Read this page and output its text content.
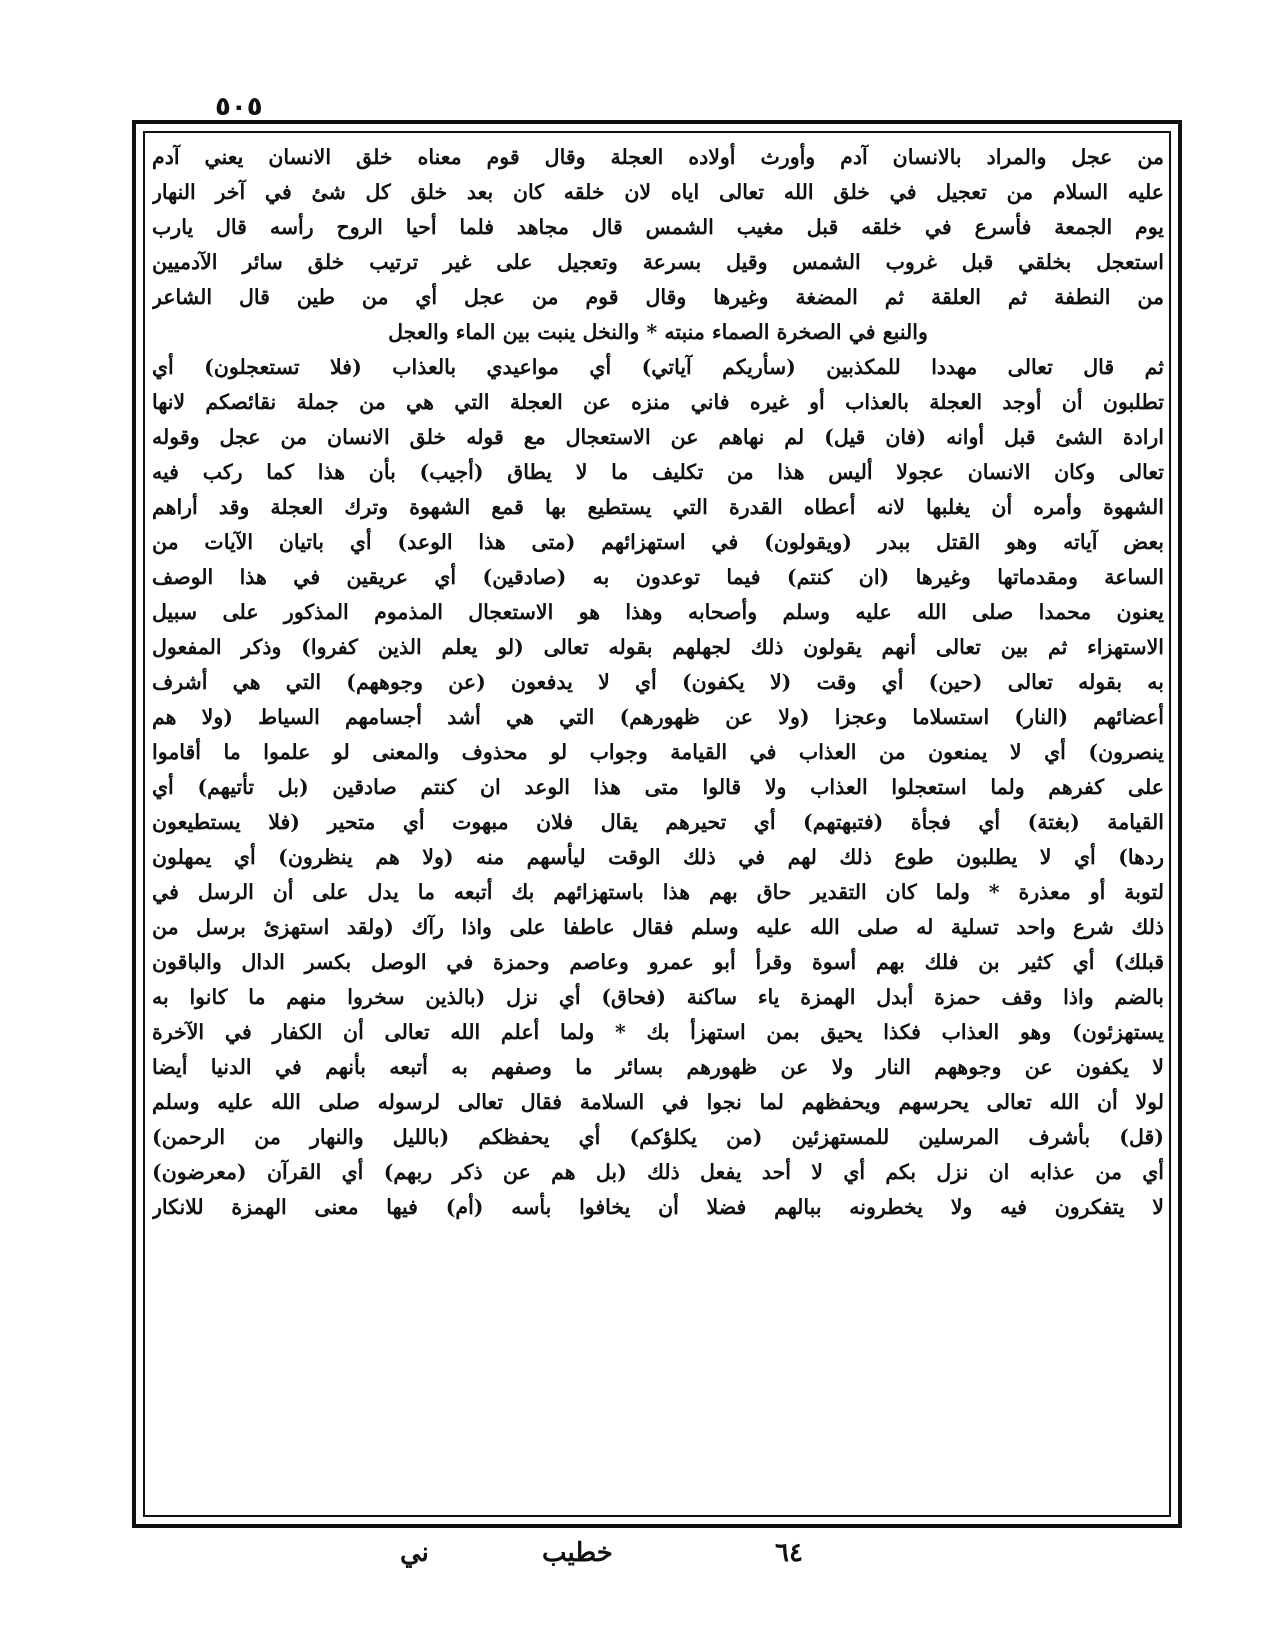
٥٠٥
من عجل والمراد بالانسان آدم وأورث أولاده العجلة وقال قوم معناه خلق الانسان يعني آدم
عليه السلام من تعجيل في خلق الله تعالى اياه لان خلقه كان بعد خلق كل شئ في آخر النهار
يوم الجمعة فأسرع في خلقه قبل مغيب الشمس قال مجاهد فلما أحيا الروح رأسه قال يارب
استعجل بخلقي قبل غروب الشمس وقيل بسرعة وتعجيل على غير ترتيب خلق سائر الآدميين
من النطفة ثم العلقة ثم المضغة وغيرها وقال قوم من عجل أي من طين قال الشاعر
والنبع في الصخرة الصماء منبته * والنخل ينبت بين الماء والعجل
ثم قال تعالى مهددا للمكذبين (سأريكم آياتي) أي مواعيدي بالعذاب (فلا تستعجلون) أي
تطلبون أن أوجد العجلة بالعذاب أو غيره فاني منزه عن العجلة التي هي من جملة نقائصكم لانها
ارادة الشئ قبل أوانه (فان قيل) لم نهاهم عن الاستعجال مع قوله خلق الانسان من عجل وقوله
تعالى وكان الانسان عجولا أليس هذا من تكليف ما لا يطاق (أجيب) بأن هذا كما ركب فيه
الشهوة وأمره أن يغلبها لانه أعطاه القدرة التي يستطيع بها قمع الشهوة وترك العجلة وقد أراهم
بعض آياته وهو القتل ببدر (ويقولون) في استهزائهم (متى هذا الوعد) أي باتيان الآيات من
الساعة ومقدماتها وغيرها (ان كنتم) فيما توعدون به (صادقين) أي عريقين في هذا الوصف
يعنون محمدا صلى الله عليه وسلم وأصحابه وهذا هو الاستعجال المذموم المذكور على سبيل
الاستهزاء ثم بين تعالى أنهم يقولون ذلك لجهلهم بقوله تعالى (لو يعلم الذين كفروا) وذكر المفعول
به بقوله تعالى (حين) أي وقت (لا يكفون) أي لا يدفعون (عن وجوههم) التي هي أشرف
أعضائهم (النار) استسلاما وعجزا (ولا عن ظهورهم) التي هي أشد أجسامهم السياط (ولا هم
ينصرون) أي لا يمنعون من العذاب في القيامة وجواب لو محذوف والمعنى لو علموا ما أقاموا
على كفرهم ولما استعجلوا العذاب ولا قالوا متى هذا الوعد ان كنتم صادقين (بل تأتيهم) أي
القيامة (بغتة) أي فجأة (فتبهتهم) أي تحيرهم يقال فلان مبهوت أي متحير (فلا يستطيعون
ردها) أي لا يطلبون طوع ذلك لهم في ذلك الوقت ليأسهم منه (ولا هم ينظرون) أي يمهلون
لتوبة أو معذرة * ولما كان التقدير حاق بهم هذا باستهزائهم بك أتبعه ما يدل على أن الرسل في
ذلك شرع واحد تسلية له صلى الله عليه وسلم فقال عاطفا على واذا رآك (ولقد استهزئ برسل من
قبلك) أي كثير بن فلك بهم أسوة وقرأ أبو عمرو وعاصم وحمزة في الوصل بكسر الدال والباقون
بالضم واذا وقف حمزة أبدل الهمزة ياء ساكنة (فحاق) أي نزل (بالذين سخروا منهم ما كانوا به
يستهزئون) وهو العذاب فكذا يحيق بمن استهزأ بك * ولما أعلم الله تعالى أن الكفار في الآخرة
لا يكفون عن وجوههم النار ولا عن ظهورهم بسائر ما وصفهم به أتبعه بأنهم في الدنيا أيضا
لولا أن الله تعالى يحرسهم ويحفظهم لما نجوا في السلامة فقال تعالى لرسوله صلى الله عليه وسلم
(قل) بأشرف المرسلين للمستهزئين (من يكلؤكم) أي يحفظكم (بالليل والنهار من الرحمن)
أي من عذابه ان نزل بكم أي لا أحد يفعل ذلك (بل هم عن ذكر ربهم) أي القرآن (معرضون)
لا يتفكرون فيه ولا يخطرونه ببالهم فضلا أن يخافوا بأسه (أم) فيها معنى الهمزة للانكار
٦٤
خطيب
ني
